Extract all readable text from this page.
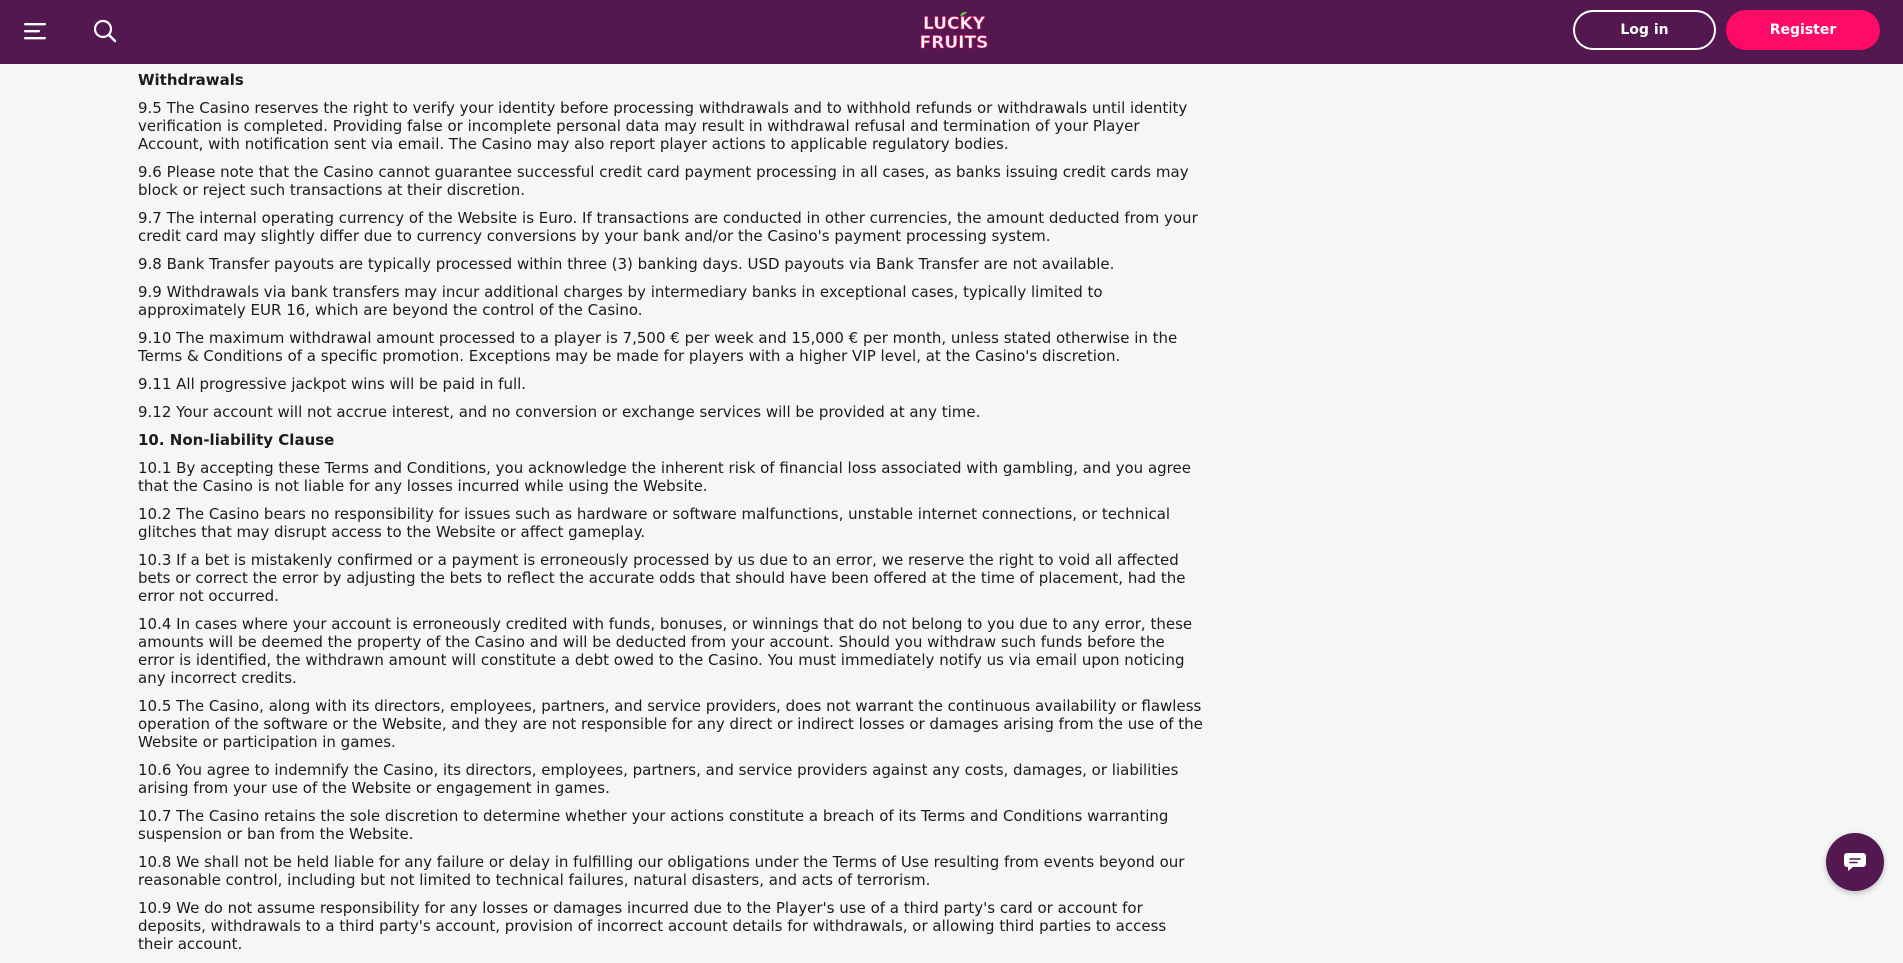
LUCKY
FRUITS
Log in	Register
Withdrawals

9.5 The Casino reserves the right to verify your identity before processing withdrawals and to withhold refunds or withdrawals until identity verification is completed. Providing false or incomplete personal data may result in withdrawal refusal and termination of your Player Account, with notification sent via email. The Casino may also report player actions to applicable regulatory bodies.

9.6 Please note that the Casino cannot guarantee successful credit card payment processing in all cases, as banks issuing credit cards may block or reject such transactions at their discretion.

9.7 The internal operating currency of the Website is Euro. If transactions are conducted in other currencies, the amount deducted from your credit card may slightly differ due to currency conversions by your bank and/or the Casino's payment processing system.

9.8 Bank Transfer payouts are typically processed within three (3) banking days. USD payouts via Bank Transfer are not available.

9.9 Withdrawals via bank transfers may incur additional charges by intermediary banks in exceptional cases, typically limited to approximately EUR 16, which are beyond the control of the Casino.

9.10 The maximum withdrawal amount processed to a player is 7,500 € per week and 15,000 € per month, unless stated otherwise in the Terms & Conditions of a specific promotion. Exceptions may be made for players with a higher VIP level, at the Casino's discretion.

9.11 All progressive jackpot wins will be paid in full.

9.12 Your account will not accrue interest, and no conversion or exchange services will be provided at any time.

10. Non-liability Clause

10.1 By accepting these Terms and Conditions, you acknowledge the inherent risk of financial loss associated with gambling, and you agree that the Casino is not liable for any losses incurred while using the Website.

10.2 The Casino bears no responsibility for issues such as hardware or software malfunctions, unstable internet connections, or technical glitches that may disrupt access to the Website or affect gameplay.

10.3 If a bet is mistakenly confirmed or a payment is erroneously processed by us due to an error, we reserve the right to void all affected bets or correct the error by adjusting the bets to reflect the accurate odds that should have been offered at the time of placement, had the error not occurred.

10.4 In cases where your account is erroneously credited with funds, bonuses, or winnings that do not belong to you due to any error, these amounts will be deemed the property of the Casino and will be deducted from your account. Should you withdraw such funds before the error is identified, the withdrawn amount will constitute a debt owed to the Casino. You must immediately notify us via email upon noticing any incorrect credits.

10.5 The Casino, along with its directors, employees, partners, and service providers, does not warrant the continuous availability or flawless operation of the software or the Website, and they are not responsible for any direct or indirect losses or damages arising from the use of the Website or participation in games.

10.6 You agree to indemnify the Casino, its directors, employees, partners, and service providers against any costs, damages, or liabilities arising from your use of the Website or engagement in games.

10.7 The Casino retains the sole discretion to determine whether your actions constitute a breach of its Terms and Conditions warranting suspension or ban from the Website.

10.8 We shall not be held liable for any failure or delay in fulfilling our obligations under the Terms of Use resulting from events beyond our reasonable control, including but not limited to technical failures, natural disasters, and acts of terrorism.

10.9 We do not assume responsibility for any losses or damages incurred due to the Player's use of a third party's card or account for deposits, withdrawals to a third party's account, provision of incorrect account details for withdrawals, or allowing third parties to access their account.
